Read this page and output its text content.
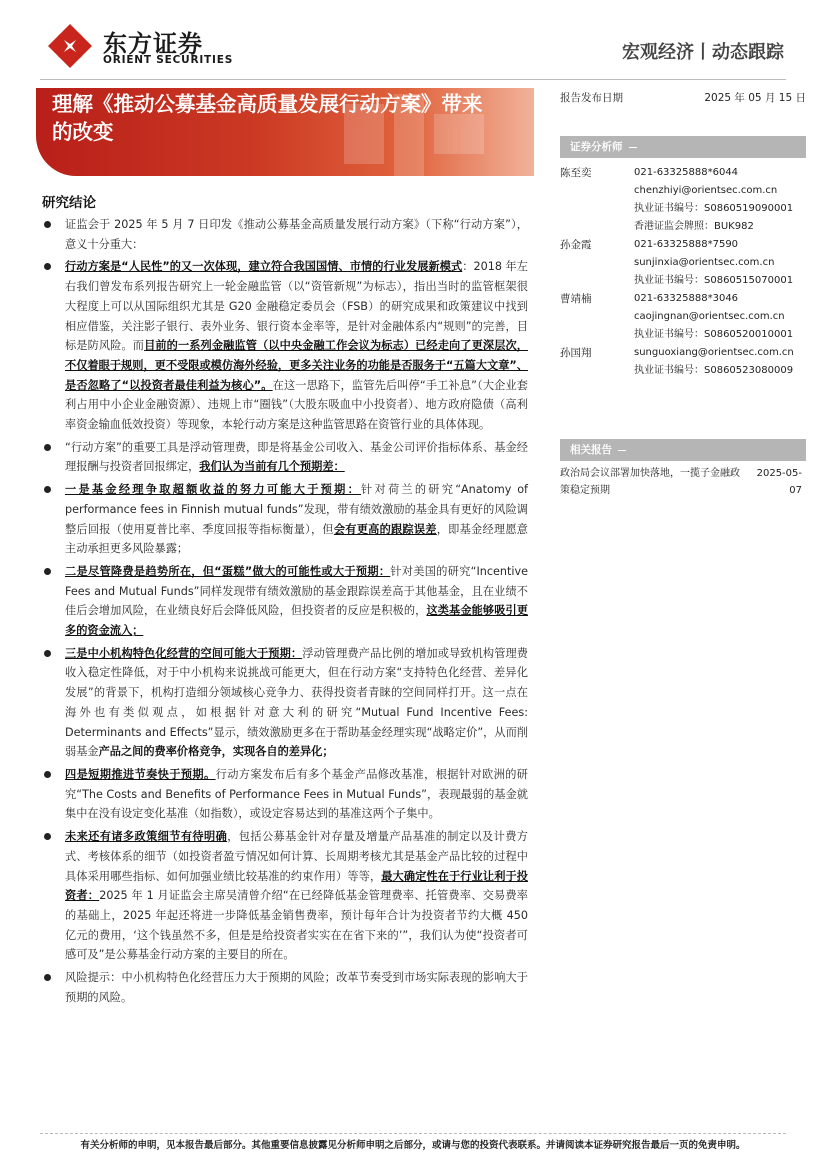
东方证券
ORIENT SECURITIES	宏观经济丨动态跟踪
理解《推动公募基金高质量发展行动方案》带来的改变
研究结论
证监会于 2025 年 5 月 7 日印发《推动公募基金高质量发展行动方案》（下称“行动方案”），意义十分重大：
行动方案是“人民性”的又一次体现，建立符合我国国情、市情的行业发展新模式：2018 年左右我们曾发布系列报告研究上一轮金融监管（以“资管新规”为标志），指出当时的监管框架很大程度上可以从国际组织尤其是 G20 金融稳定委员会（FSB）的研究成果和政策建议中找到相应借鉴，关注影子银行、表外业务、银行资本金率等，是针对金融体系内“规则”的完善，目标是防风险。而目前的一系列金融监管（以中央金融工作会议为标志）已经走向了更深层次，不仅着眼于规则，更不受限或模仿海外经验，更多关注业务的功能是否服务于“五篇大文章”、是否忽略了“以投资者最佳利益为核心”。在这一思路下，监管先后叫停“手工补息”（大企业套利占用中小企业金融资源）、违规上市“圈钱”（大股东吸血中小投资者）、地方政府隐债（高利率资金输血低效投资）等现象，本轮行动方案是这种监管思路在资管行业的具体体现。
“行动方案”的重要工具是浮动管理费，即是将基金公司收入、基金公司评价指标体系、基金经理报酬与投资者回报绑定，我们认为当前有几个预期差：
一是基金经理争取超额收益的努力可能大于预期：针对荷兰的研究“Anatomy of performance fees in Finnish mutual funds”发现，带有绩效激励的基金具有更好的风险调整后回报（使用夏普比率、季度回报等指标衡量），但会有更高的跟踪误差，即基金经理愿意主动承担更多风险暴露；
二是尽管降费是趋势所在，但“蛋糕”做大的可能性或大于预期：针对美国的研究“Incentive Fees and Mutual Funds”同样发现带有绩效激励的基金跟踪误差高于其他基金，且在业绩不佳后会增加风险，在业绩良好后会降低风险，但投资者的反应是积极的，这类基金能够吸引更多的资金流入；
三是中小机构特色化经营的空间可能大于预期：浮动管理费产品比例的增加或导致机构管理费收入稳定性降低，对于中小机构来说挑战可能更大，但在行动方案“支持特色化经营、差异化发展”的背景下，机构打造细分领域核心竞争力、获得投资者青睐的空间同样打开。这一点在海外也有类似观点，如根据针对意大利的研究“Mutual Fund Incentive Fees: Determinants and Effects”显示，绩效激励更多在于帮助基金经理实现“战略定价”，从而削弱基金产品之间的费率价格竞争，实现各自的差异化；
四是短期推进节奏快于预期。行动方案发布后有多个基金产品修改基准，根据针对欧洲的研究“The Costs and Benefits of Performance Fees in Mutual Funds”，表现最弱的基金就集中在没有设定变化基准（如指数），或设定容易达到的基准这两个子集中。
未来还有诸多政策细节有待明确，包括公募基金针对存量及增量产品基准的制定以及计费方式、考核体系的细节（如投资者盈亏情况如何计算、长周期考核尤其是基金产品比较的过程中具体采用哪些指标、如何加强业绩比较基准的约束作用）等等，最大确定性在于行业让利于投资者：2025 年 1 月证监会主席吴清曾介绍“在已经降低基金管理费率、托管费率、交易费率的基础上，2025 年起还将进一步降低基金销售费率，预计每年合计为投资者节约大概 450 亿元的费用，‘这个钱虽然不多，但是是给投资者实实在在省下来的’”，我们认为使“投资者可感可及”是公募基金行动方案的主要目的所在。
风险提示：中小机构特色化经营压力大于预期的风险；改革节奏受到市场实际表现的影响大于预期的风险。
报告发布日期	2025 年 05 月 15 日
证券分析师
陈至奕	021-63325888*6044
chenzhiyi@orientsec.com.cn
执业证书编号：S0860519090001
香港证监会牌照：BUK982
孙金霞	021-63325888*7590
sunjinxia@orientsec.com.cn
执业证书编号：S0860515070001
曹靖楠	021-63325888*3046
caojingnan@orientsec.com.cn
执业证书编号：S0860520010001
孙国翔	sunguoxiang@orientsec.com.cn
执业证书编号：S0860523080009
相关报告
政治局会议部署加快落地，一揽子金融政策稳定预期2025-05-07
有关分析师的申明，见本报告最后部分。其他重要信息披露见分析师申明之后部分，或请与您的投资代表联系。并请阅读本证券研究报告最后一页的免责申明。
